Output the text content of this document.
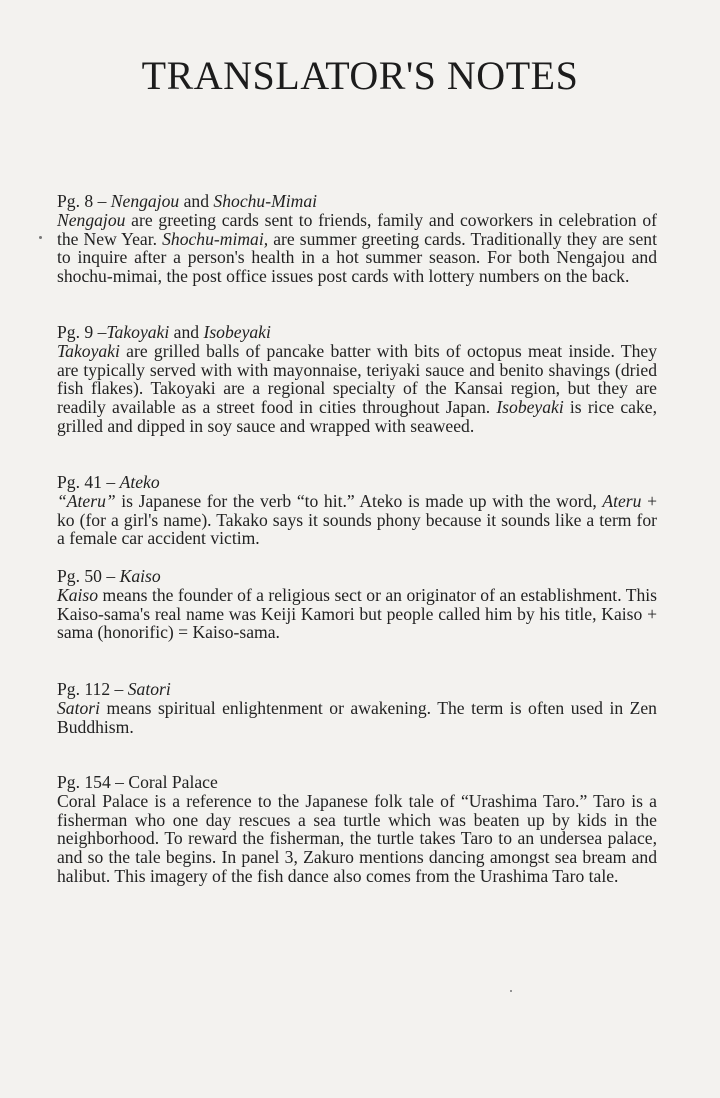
TRANSLATOR'S NOTES

Pg. 8 – Nengajou and Shochu-Mimai

Nengajou are greeting cards sent to friends, family and coworkers in celebration of the New Year. Shochu-mimai, are summer greeting cards. Traditionally they are sent to inquire after a person's health in a hot summer season. For both Nengajou and shochu-mimai, the post office issues post cards with lottery numbers on the back.

Pg. 9 –Takoyaki and Isobeyaki

Takoyaki are grilled balls of pancake batter with bits of octopus meat inside. They are typically served with with mayonnaise, teriyaki sauce and benito shavings (dried fish flakes). Takoyaki are a regional specialty of the Kansai region, but they are readily available as a street food in cities throughout Japan. Isobeyaki is rice cake, grilled and dipped in soy sauce and wrapped with seaweed.

Pg. 41 – Ateko

“Ateru” is Japanese for the verb “to hit.” Ateko is made up with the word, Ateru + ko (for a girl's name). Takako says it sounds phony because it sounds like a term for a female car accident victim.

Pg. 50 – Kaiso

Kaiso means the founder of a religious sect or an originator of an establishment. This Kaiso-sama's real name was Keiji Kamori but people called him by his title, Kaiso + sama (honorific) = Kaiso-sama.

Pg. 112 – Satori

Satori means spiritual enlightenment or awakening. The term is often used in Zen Buddhism.

Pg. 154 – Coral Palace

Coral Palace is a reference to the Japanese folk tale of “Urashima Taro.” Taro is a fisherman who one day rescues a sea turtle which was beaten up by kids in the neighborhood. To reward the fisherman, the turtle takes Taro to an undersea palace, and so the tale begins. In panel 3, Zakuro mentions dancing amongst sea bream and halibut. This imagery of the fish dance also comes from the Urashima Taro tale.
